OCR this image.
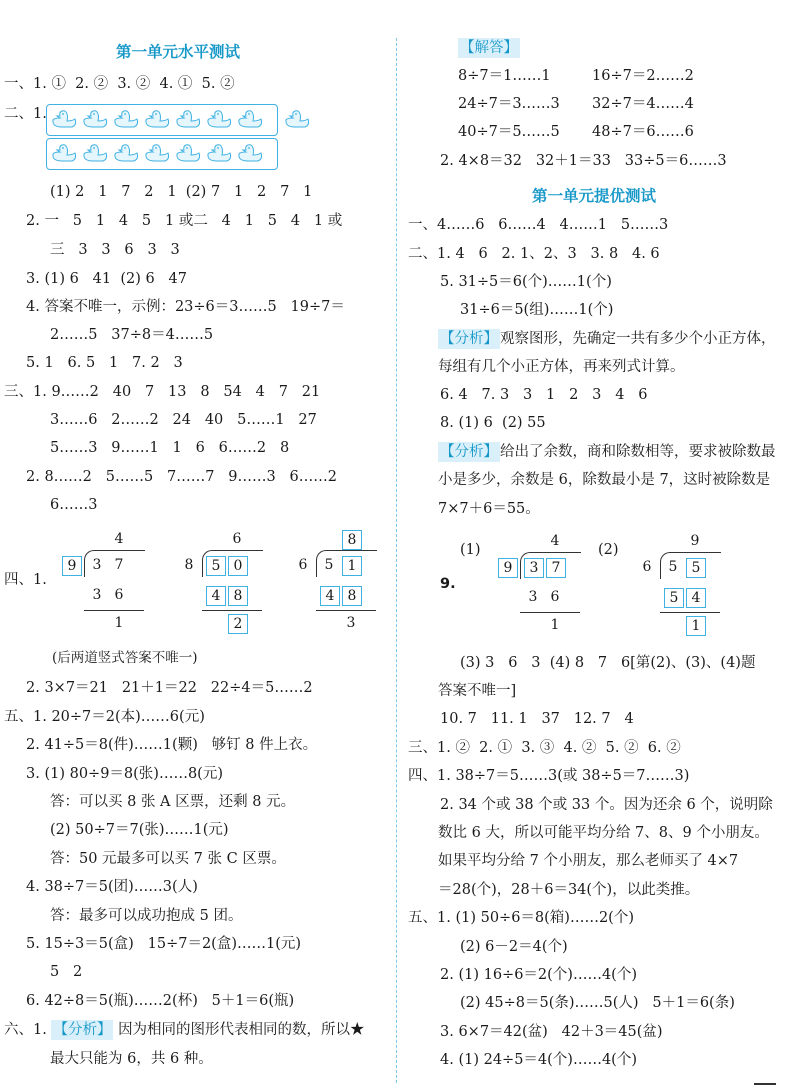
第一单元水平测试
一、1. ①  2. ②  3. ②  4. ①  5. ②
二、1.
(1) 2   1   7   2   1  (2) 7   1   2   7   1
2. 一   5   1   4   5   1 或二   4   1   5   4   1 或
三   3   3   6   3   3
3. (1) 6   41  (2) 6   47
4. 答案不唯一，示例：23÷6＝3……5   19÷7＝
2……5   37÷8＝4……5
5. 1   6. 5   1   7. 2   3
三、1. 9……2   40   7   13   8   54   4   7   21
3……6   2……2   24   40   5……1   27
5……3   9……1   1   6   6……2   8
2. 8……2   5……5   7……7   9……3   6……2
6……3
四、1.
4
9	3 7
3 6
1
6
8	5 0
4 8
2
8
6	5	1
4 8
3
(后两道竖式答案不唯一)
2. 3×7＝21   21＋1＝22   22÷4＝5……2
五、1. 20÷7＝2(本)……6(元)
2. 41÷5＝8(件)……1(颗)   够钉 8 件上衣。
3. (1) 80÷9＝8(张)……8(元)
答：可以买 8 张 A 区票，还剩 8 元。
(2) 50÷7＝7(张)……1(元)
答：50 元最多可以买 7 张 C 区票。
4. 38÷7＝5(团)……3(人)
答：最多可以成功抱成 5 团。
5. 15÷3＝5(盒)   15÷7＝2(盒)……1(元)
5   2
6. 42÷8＝5(瓶)……2(杯)   5＋1＝6(瓶)
六、1. 【分析】 因为相同的图形代表相同的数，所以★
最大只能为 6，共 6 种。
【解答】
8÷7＝1……1         16÷7＝2……2
24÷7＝3……3       32÷7＝4……4
40÷7＝5……5       48÷7＝6……6
2. 4×8＝32   32＋1＝33   33÷5＝6……3
第一单元提优测试
一、4……6   6……4   4……1   5……3
二、1. 4   6   2. 1、2、3   3. 8   4. 6
5. 31÷5＝6(个)……1(个)
31÷6＝5(组)……1(个)
【分析】 观察图形，先确定一共有多少个小正方体，
每组有几个小正方体，再来列式计算。
6. 4   7. 3   3   1   2   3   4   6
8. (1) 6  (2) 55
【分析】 给出了余数，商和除数相等，要求被除数最
小是多少，余数是 6，除数最小是 7，这时被除数是
7×7＋6＝55。
(1)	(2)
9.
4
9	3 7
3 6
1
9
6	5	5
5 4
1
(3) 3   6   3  (4) 8   7   6[第(2)、(3)、(4)题
答案不唯一]
10. 7   11. 1   37   12. 7   4
三、1. ②  2. ①  3. ③  4. ②  5. ②  6. ②
四、1. 38÷7＝5……3(或 38÷5＝7……3)
2. 34 个或 38 个或 33 个。因为还余 6 个，说明除
数比 6 大，所以可能平均分给 7、8、9 个小朋友。
如果平均分给 7 个小朋友，那么老师买了 4×7
＝28(个)，28＋6＝34(个)，以此类推。
五、1. (1) 50÷6＝8(箱)……2(个)
(2) 6－2＝4(个)
2. (1) 16÷6＝2(个)……4(个)
(2) 45÷8＝5(条)……5(人)   5＋1＝6(条)
3. 6×7＝42(盆)   42＋3＝45(盆)
4. (1) 24÷5＝4(个)……4(个)
